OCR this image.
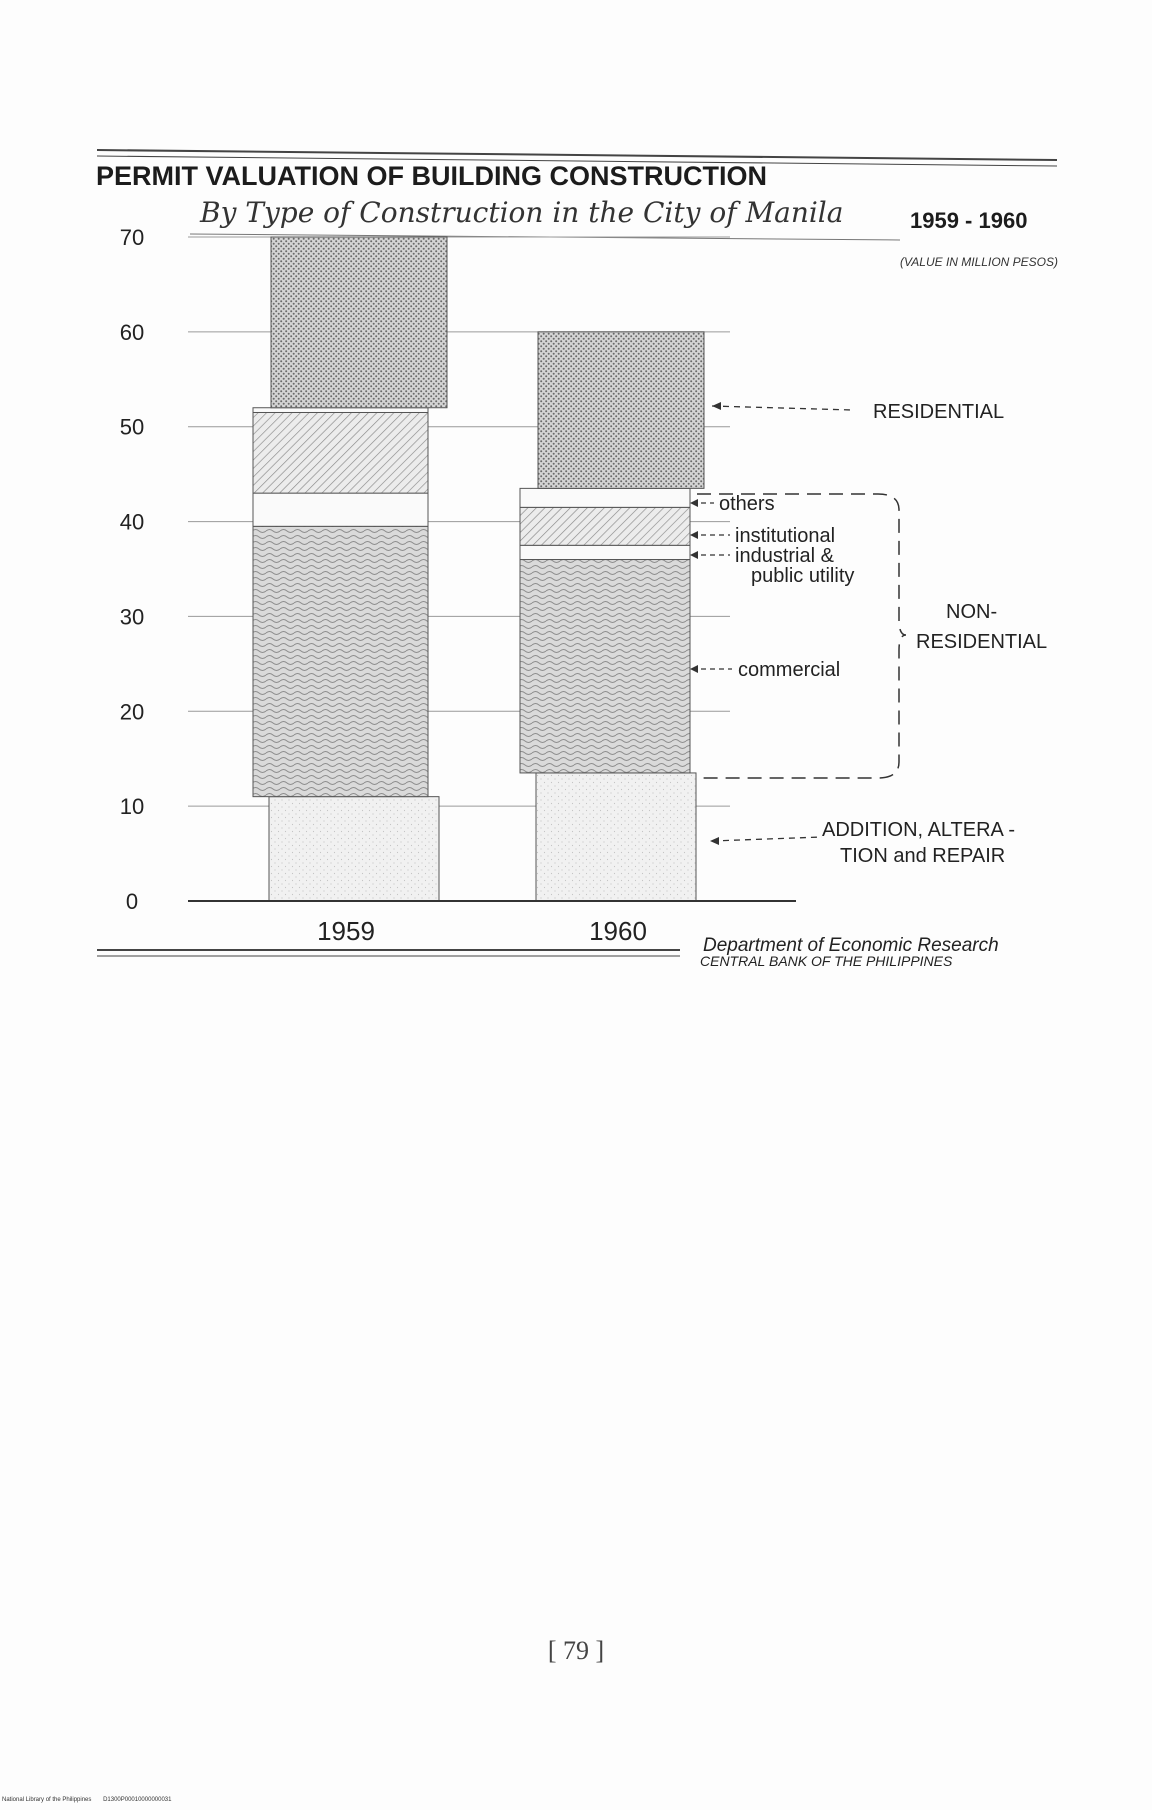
PERMIT VALUATION OF BUILDING CONSTRUCTION
By Type of Construction in the City of Manila	1959 - 1960
(VALUE IN MILLION PESOS)
0
10
20
30
40
50
60
70
1959	1960
RESIDENTIAL
others
institutional
industrial &
public utility
commercial
NON-
RESIDENTIAL
ADDITION, ALTERA -
TION and REPAIR
Department of Economic Research
CENTRAL BANK OF THE PHILIPPINES
[ 79 ]
National Library of the Philippines D1300P00010000000031
